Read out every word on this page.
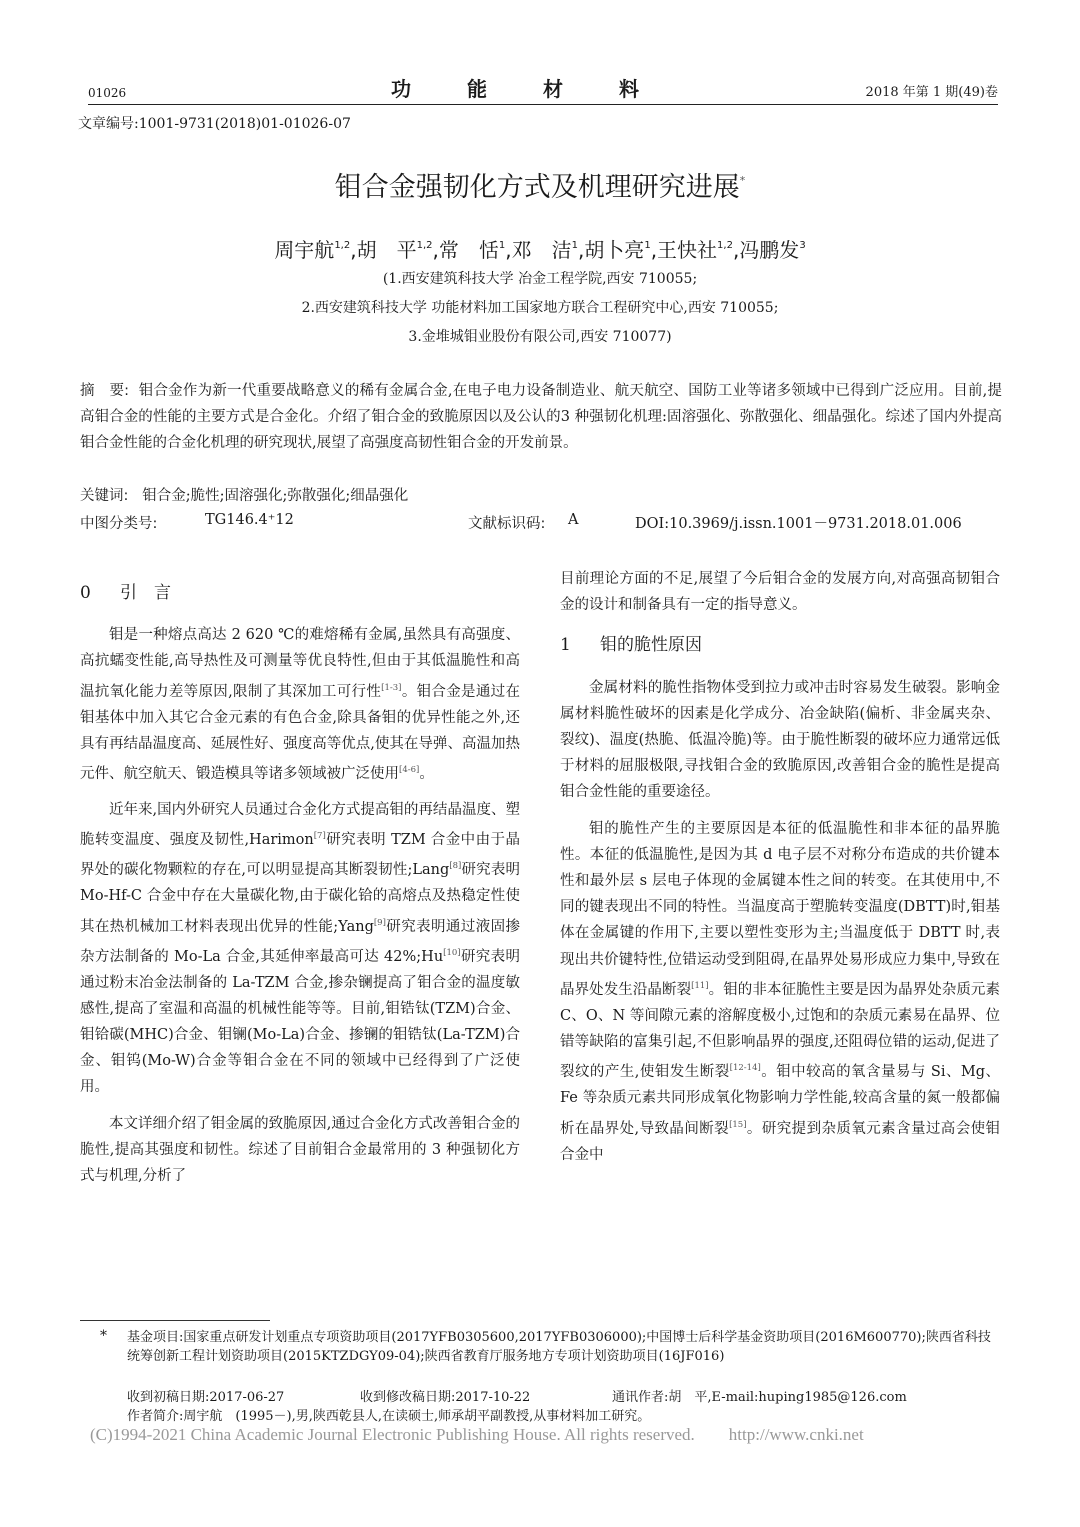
01026	功能材料	2018 年第 1 期(49)卷
文章编号:1001-9731(2018)01-01026-07
钼合金强韧化方式及机理研究进展*
周宇航$^{1,2}$,胡　平$^{1,2}$,常　恬$^1$,邓　洁$^1$,胡卜亮$^1$,王快社$^{1,2}$,冯鹏发$^3$
(1.西安建筑科技大学 冶金工程学院,西安 710055;
2.西安建筑科技大学 功能材料加工国家地方联合工程研究中心,西安 710055;
3.金堆城钼业股份有限公司,西安 710077)
摘　要: 钼合金作为新一代重要战略意义的稀有金属合金,在电子电力设备制造业、航天航空、国防工业等诸多领域中已得到广泛应用。目前,提高钼合金的性能的主要方式是合金化。介绍了钼合金的致脆原因以及公认的3 种强韧化机理:固溶强化、弥散强化、细晶强化。综述了国内外提高钼合金性能的合金化机理的研究现状,展望了高强度高韧性钼合金的开发前景。
关键词: 钼合金;脆性;固溶强化;弥散强化;细晶强化
中图分类号:	TG146.4⁺12	文献标识码: A	DOI:10.3969/j.issn.1001－9731.2018.01.006
0 引　言

钼是一种熔点高达 2 620 ℃的难熔稀有金属,虽然具有高强度、高抗蠕变性能,高导热性及可测量等优良特性,但由于其低温脆性和高温抗氧化能力差等原因,限制了其深加工可行性[1-3]。钼合金是通过在钼基体中加入其它合金元素的有色合金,除具备钼的优异性能之外,还具有再结晶温度高、延展性好、强度高等优点,使其在导弹、高温加热元件、航空航天、锻造模具等诸多领域被广泛使用[4-6]。

近年来,国内外研究人员通过合金化方式提高钼的再结晶温度、塑脆转变温度、强度及韧性,Harimon[7]研究表明 TZM 合金中由于晶界处的碳化物颗粒的存在,可以明显提高其断裂韧性;Lang[8]研究表明 Mo-Hf-C 合金中存在大量碳化物,由于碳化铪的高熔点及热稳定性使其在热机械加工材料表现出优异的性能;Yang[9]研究表明通过液固掺杂方法制备的 Mo-La 合金,其延伸率最高可达 42%;Hu[10]研究表明通过粉末冶金法制备的 La-TZM 合金,掺杂镧提高了钼合金的温度敏感性,提高了室温和高温的机械性能等等。目前,钼锆钛(TZM)合金、钼铪碳(MHC)合金、钼镧(Mo-La)合金、掺镧的钼锆钛(La-TZM)合金、钼钨(Mo-W)合金等钼合金在不同的领域中已经得到了广泛使用。

本文详细介绍了钼金属的致脆原因,通过合金化方式改善钼合金的脆性,提高其强度和韧性。综述了目前钼合金最常用的 3 种强韧化方式与机理,分析了

目前理论方面的不足,展望了今后钼合金的发展方向,对高强高韧钼合金的设计和制备具有一定的指导意义。

1 钼的脆性原因

金属材料的脆性指物体受到拉力或冲击时容易发生破裂。影响金属材料脆性破坏的因素是化学成分、冶金缺陷(偏析、非金属夹杂、裂纹)、温度(热脆、低温冷脆)等。由于脆性断裂的破坏应力通常远低于材料的屈服极限,寻找钼合金的致脆原因,改善钼合金的脆性是提高钼合金性能的重要途径。

钼的脆性产生的主要原因是本征的低温脆性和非本征的晶界脆性。本征的低温脆性,是因为其 d 电子层不对称分布造成的共价键本性和最外层 s 层电子体现的金属键本性之间的转变。在其使用中,不同的键表现出不同的特性。当温度高于塑脆转变温度(DBTT)时,钼基体在金属键的作用下,主要以塑性变形为主;当温度低于 DBTT 时,表现出共价键特性,位错运动受到阻碍,在晶界处易形成应力集中,导致在晶界处发生沿晶断裂[11]。钼的非本征脆性主要是因为晶界处杂质元素 C、O、N 等间隙元素的溶解度极小,过饱和的杂质元素易在晶界、位错等缺陷的富集引起,不但影响晶界的强度,还阻碍位错的运动,促进了裂纹的产生,使钼发生断裂[12-14]。钼中较高的氧含量易与 Si、Mg、Fe 等杂质元素共同形成氧化物影响力学性能,较高含量的氮一般都偏析在晶界处,导致晶间断裂[15]。研究提到杂质氧元素含量过高会使钼合金中

* 基金项目:国家重点研发计划重点专项资助项目(2017YFB0305600,2017YFB0306000);中国博士后科学基金资助项目(2016M600770);陕西省科技统筹创新工程计划资助项目(2015KTZDGY09-04);陕西省教育厅服务地方专项计划资助项目(16JF016)
收到初稿日期:2017-06-27	收到修改稿日期:2017-10-22	通讯作者:胡　平,E-mail:huping1985@126.com
作者简介:周宇航　(1995－),男,陕西乾县人,在读硕士,师承胡平副教授,从事材料加工研究。
(C)1994-2021 China Academic Journal Electronic Publishing House. All rights reserved.　　http://www.cnki.net
